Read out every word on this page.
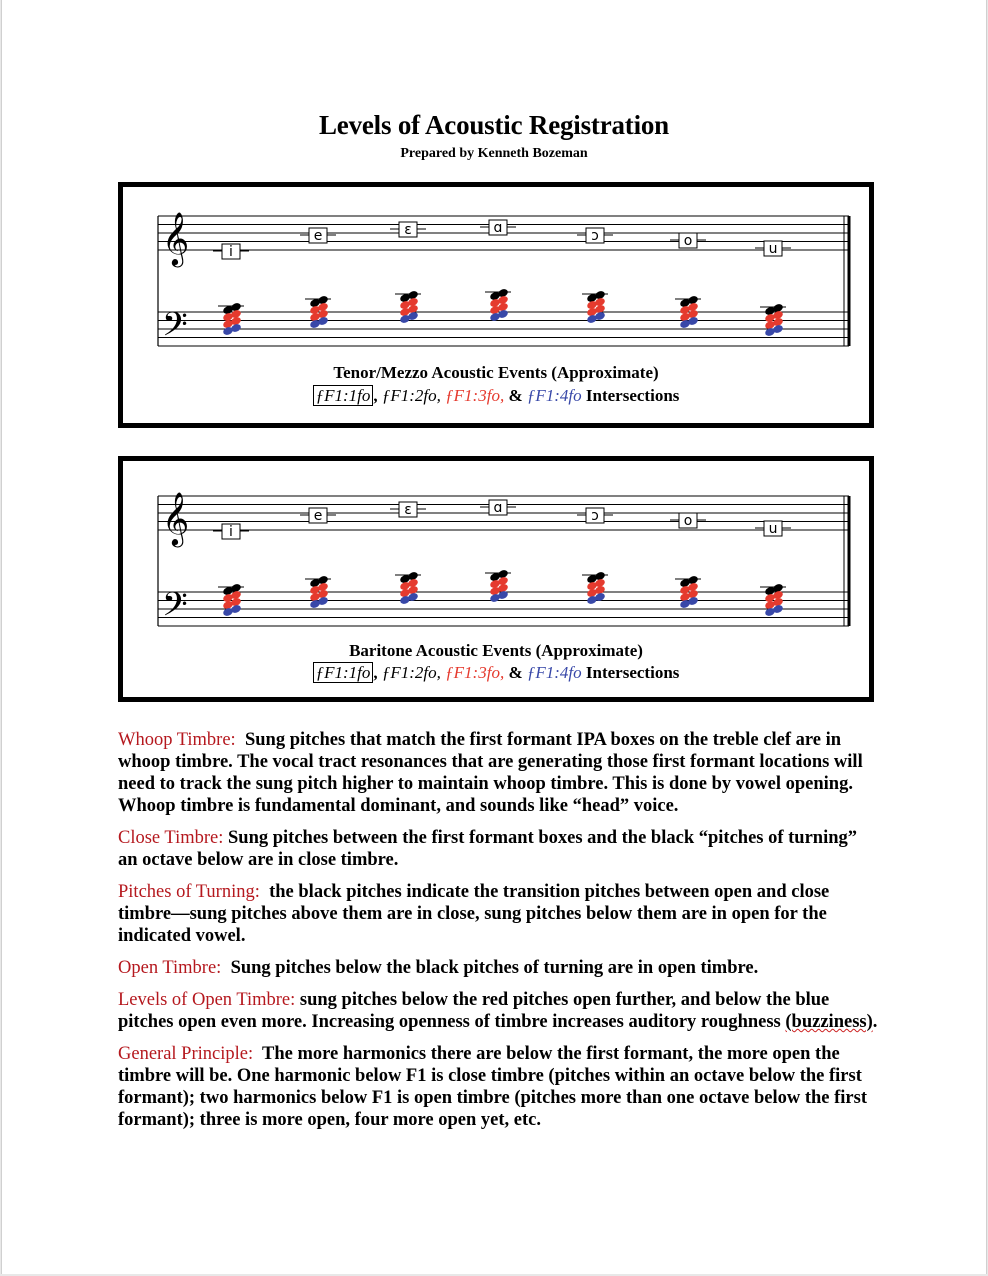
Levels of Acoustic Registration
Prepared by Kenneth Bozeman
𝄞
𝄢
i
e	ɛ	ɑ	ɔ	o	u
Tenor/Mezzo Acoustic Events (Approximate)
ƒF1:1fo , ƒF1:2fo, ƒF1:3fo, & ƒF1:4fo Intersections
𝄞
𝄢
i
e	ɛ	ɑ	ɔ	o	u
Baritone Acoustic Events (Approximate)
ƒF1:1fo , ƒF1:2fo, ƒF1:3fo, & ƒF1:4fo Intersections

Whoop Timbre: Sung pitches that match the first formant IPA boxes on the treble clef are in whoop timbre. The vocal tract resonances that are generating those first formant locations will need to track the sung pitch higher to maintain whoop timbre. This is done by vowel opening. Whoop timbre is fundamental dominant, and sounds like “head” voice.

Close Timbre: Sung pitches between the first formant boxes and the black “pitches of turning” an octave below are in close timbre.

Pitches of Turning: the black pitches indicate the transition pitches between open and close timbre—sung pitches above them are in close, sung pitches below them are in open for the indicated vowel.

Open Timbre: Sung pitches below the black pitches of turning are in open timbre.

Levels of Open Timbre: sung pitches below the red pitches open further, and below the blue pitches open even more. Increasing openness of timbre increases auditory roughness (buzziness).

General Principle: The more harmonics there are below the first formant, the more open the timbre will be. One harmonic below F1 is close timbre (pitches within an octave below the first formant); two harmonics below F1 is open timbre (pitches more than one octave below the first formant); three is more open, four more open yet, etc.
